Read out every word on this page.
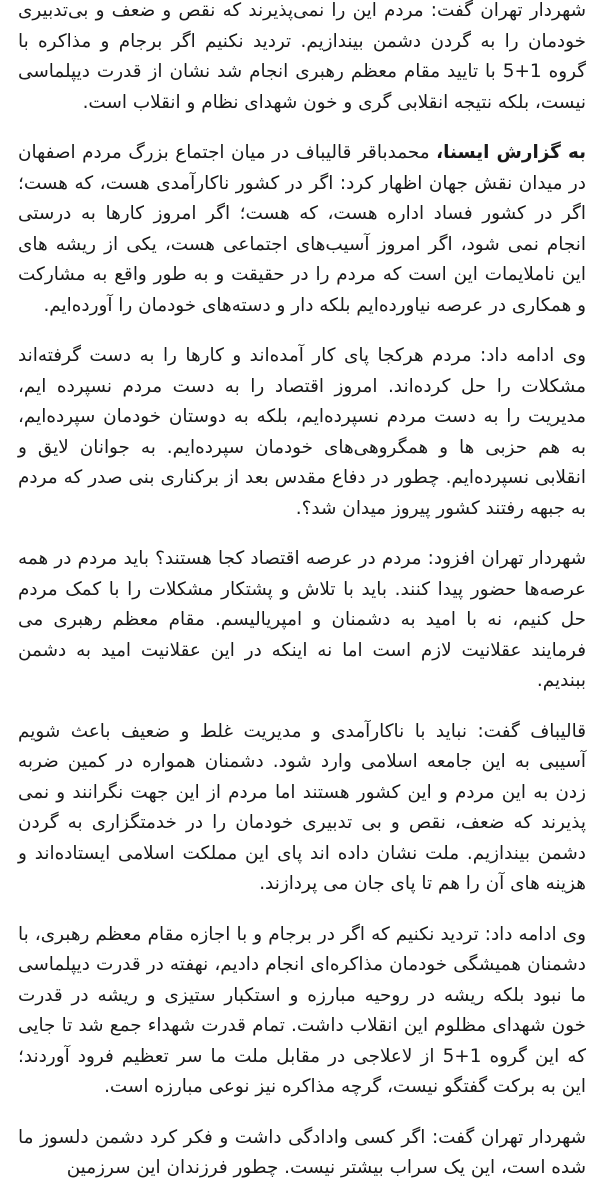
شهردار تهران گفت: مردم این را نمی‌پذیرند که نقص و ضعف و بی‌تدبیری خودمان را به گردن دشمن بیندازیم. تردید نکنیم اگر برجام و مذاکره با گروه 1+5 با تایید مقام معظم رهبری انجام شد نشان از قدرت دیپلماسی نیست، بلکه نتیجه انقلابی گری و خون شهدای نظام و انقلاب است.

به گزارش ایسنا، محمدباقر قالیباف در میان اجتماع بزرگ مردم اصفهان در میدان نقش جهان اظهار کرد: اگر در کشور ناکارآمدی هست، که هست؛ اگر در کشور فساد اداره هست، که هست؛ اگر امروز کارها به درستی انجام نمی شود، اگر امروز آسیب‌های اجتماعی هست، یکی از ریشه های این ناملایمات این است که مردم را در حقیقت و به طور واقع به مشارکت و همکاری در عرصه نیاورده‌ایم بلکه دار و دسته‌های خودمان را آورده‌ایم.

وی ادامه داد: مردم هرکجا پای کار آمده‌اند و کارها را به دست گرفته‌اند مشکلات را حل کرده‌اند. امروز اقتصاد را به دست مردم نسپرده ایم، مدیریت را به دست مردم نسپرده‌ایم، بلکه به دوستان خودمان سپرده‌ایم، به هم حزبی ها و همگروهی‌های خودمان سپرده‌ایم. به جوانان لایق و انقلابی نسپرده‌ایم. چطور در دفاع مقدس بعد از برکناری بنی صدر که مردم به جبهه رفتند کشور پیروز میدان شد؟.

شهردار تهران افزود: مردم در عرصه اقتصاد کجا هستند؟ باید مردم در همه عرصه‌ها حضور پیدا کنند. باید با تلاش و پشتکار مشکلات را با کمک مردم حل کنیم، نه با امید به دشمنان و امپریالیسم. مقام معظم رهبری می فرمایند عقلانیت لازم است اما نه اینکه در این عقلانیت امید به دشمن ببندیم.

قالیباف گفت: نباید با ناکارآمدی و مدیریت غلط و ضعیف باعث شویم آسیبی به این جامعه اسلامی وارد شود. دشمنان همواره در کمین ضربه زدن به این مردم و این کشور هستند اما مردم از این جهت نگرانند و نمی پذیرند که ضعف، نقص و بی تدبیری خودمان را در خدمتگزاری به گردن دشمن بیندازیم. ملت نشان داده اند پای این مملکت اسلامی ایستاده‌اند و هزینه های آن را هم تا پای جان می پردازند.

وی ادامه داد: تردید نکنیم که اگر در برجام و با اجازه مقام معظم رهبری، با دشمنان همیشگی خودمان مذاکره‌ای انجام دادیم، نهفته در قدرت دیپلماسی ما نبود بلکه ریشه در روحیه مبارزه و استکبار ستیزی و ریشه در قدرت خون شهدای مظلوم این انقلاب داشت. تمام قدرت شهداء جمع شد تا جایی که این گروه 1+5 از لاعلاجی در مقابل ملت ما سر تعظیم فرود آوردند؛ این به برکت گفتگو نیست، گرچه مذاکره نیز نوعی مبارزه است.

شهردار تهران گفت: اگر کسی وادادگی داشت و فکر کرد دشمن دلسوز ما شده است، این یک سراب بیشتر نیست. چطور فرزندان این سرزمین
